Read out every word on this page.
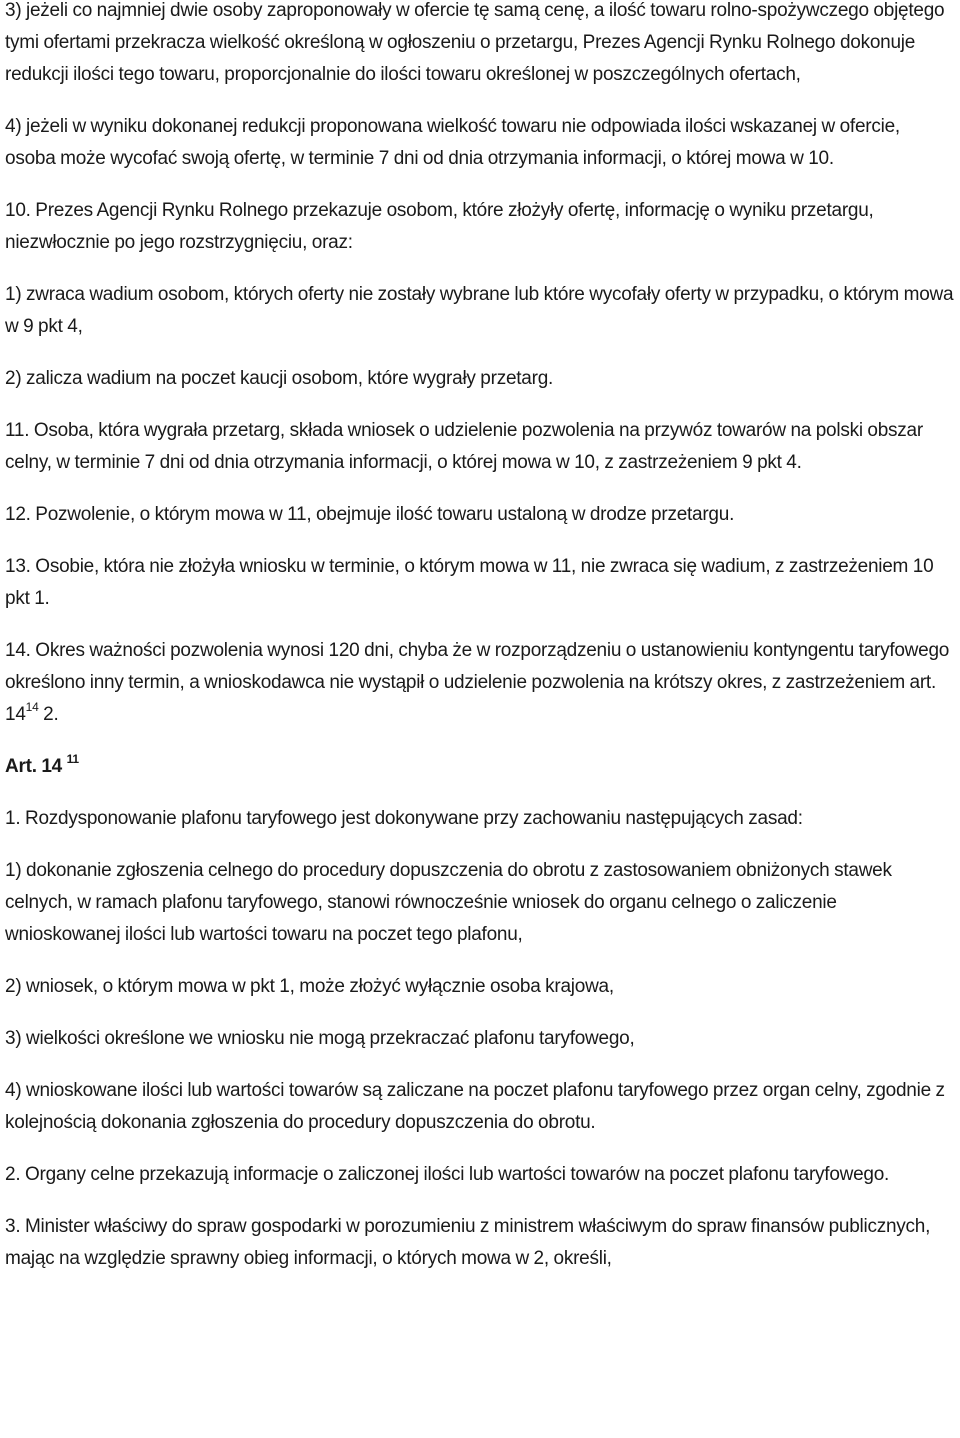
3) jeżeli co najmniej dwie osoby zaproponowały w ofercie tę samą cenę, a ilość towaru rolno-spożywczego objętego tymi ofertami przekracza wielkość określoną w ogłoszeniu o przetargu, Prezes Agencji Rynku Rolnego dokonuje redukcji ilości tego towaru, proporcjonalnie do ilości towaru określonej w poszczególnych ofertach,

4) jeżeli w wyniku dokonanej redukcji proponowana wielkość towaru nie odpowiada ilości wskazanej w ofercie, osoba może wycofać swoją ofertę, w terminie 7 dni od dnia otrzymania informacji, o której mowa w 10.

10. Prezes Agencji Rynku Rolnego przekazuje osobom, które złożyły ofertę, informację o wyniku przetargu, niezwłocznie po jego rozstrzygnięciu, oraz:

1) zwraca wadium osobom, których oferty nie zostały wybrane lub które wycofały oferty w przypadku, o którym mowa w 9 pkt 4,

2) zalicza wadium na poczet kaucji osobom, które wygrały przetarg.

11. Osoba, która wygrała przetarg, składa wniosek o udzielenie pozwolenia na przywóz towarów na polski obszar celny, w terminie 7 dni od dnia otrzymania informacji, o której mowa w 10, z zastrzeżeniem 9 pkt 4.

12. Pozwolenie, o którym mowa w 11, obejmuje ilość towaru ustaloną w drodze przetargu.

13. Osobie, która nie złożyła wniosku w terminie, o którym mowa w 11, nie zwraca się wadium, z zastrzeżeniem 10 pkt 1.

14. Okres ważności pozwolenia wynosi 120 dni, chyba że w rozporządzeniu o ustanowieniu kontyngentu taryfowego określono inny termin, a wnioskodawca nie wystąpił o udzielenie pozwolenia na krótszy okres, z zastrzeżeniem art. $14^{14}$ 2.

Art. 14 $^{11}$

1. Rozdysponowanie plafonu taryfowego jest dokonywane przy zachowaniu następujących zasad:

1) dokonanie zgłoszenia celnego do procedury dopuszczenia do obrotu z zastosowaniem obniżonych stawek celnych, w ramach plafonu taryfowego, stanowi równocześnie wniosek do organu celnego o zaliczenie wnioskowanej ilości lub wartości towaru na poczet tego plafonu,

2) wniosek, o którym mowa w pkt 1, może złożyć wyłącznie osoba krajowa,

3) wielkości określone we wniosku nie mogą przekraczać plafonu taryfowego,

4) wnioskowane ilości lub wartości towarów są zaliczane na poczet plafonu taryfowego przez organ celny, zgodnie z kolejnością dokonania zgłoszenia do procedury dopuszczenia do obrotu.

2. Organy celne przekazują informacje o zaliczonej ilości lub wartości towarów na poczet plafonu taryfowego.

3. Minister właściwy do spraw gospodarki w porozumieniu z ministrem właściwym do spraw finansów publicznych, mając na względzie sprawny obieg informacji, o których mowa w 2, określi,
